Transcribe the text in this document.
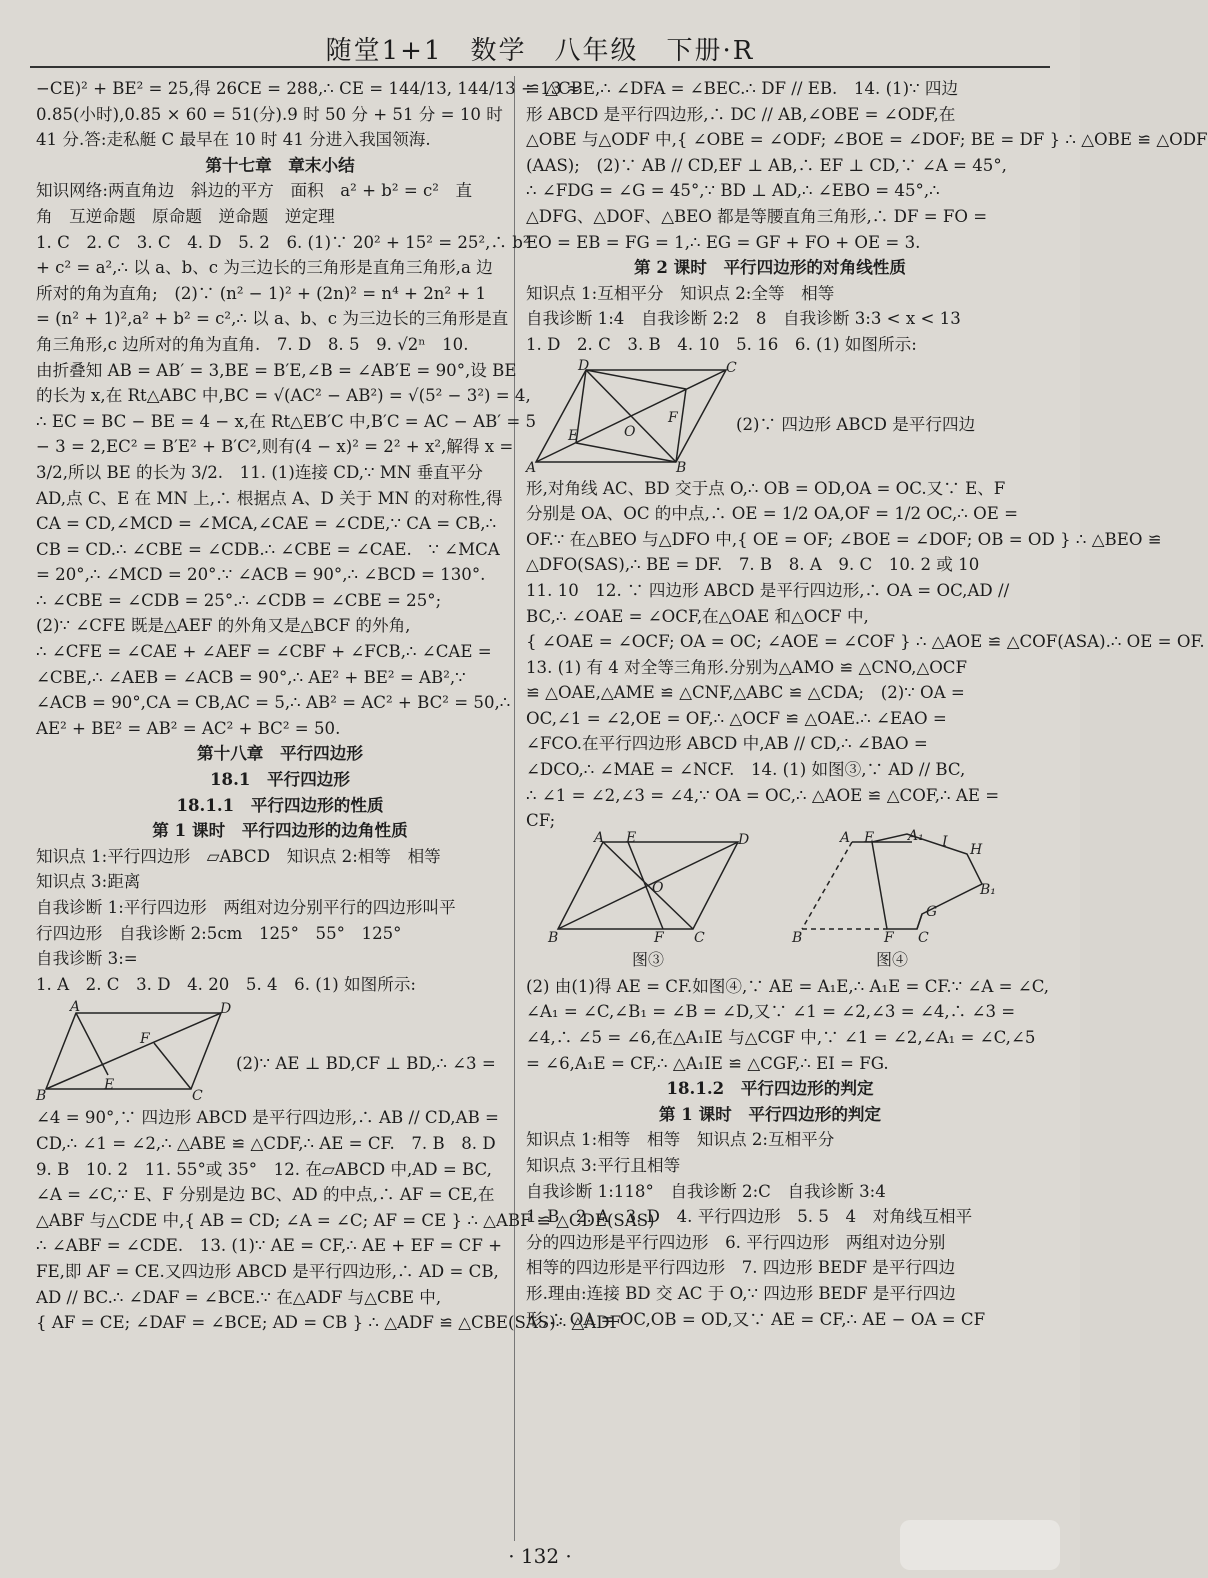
随堂1+1　数学　八年级　下册·R

−CE)² + BE² = 25,得 26CE = 288,∴ CE = 144/13, 144/13 ÷ 13 ≈

0.85(小时),0.85 × 60 = 51(分).9 时 50 分 + 51 分 = 10 时

41 分.答:走私艇 C 最早在 10 时 41 分进入我国领海.

第十七章　章末小结

知识网络:两直角边　斜边的平方　面积　a² + b² = c²　直

角　互逆命题　原命题　逆命题　逆定理

1. C　2. C　3. C　4. D　5. 2　6. (1)∵ 20² + 15² = 25²,∴ b²

+ c² = a²,∴ 以 a、b、c 为三边长的三角形是直角三角形,a 边

所对的角为直角;　(2)∵ (n² − 1)² + (2n)² = n⁴ + 2n² + 1

= (n² + 1)²,a² + b² = c²,∴ 以 a、b、c 为三边长的三角形是直

角三角形,c 边所对的角为直角.　7. D　8. 5　9. √2ⁿ　10.

由折叠知 AB = AB′ = 3,BE = B′E,∠B = ∠AB′E = 90°,设 BE

的长为 x,在 Rt△ABC 中,BC = √(AC² − AB²) = √(5² − 3²) = 4,

∴ EC = BC − BE = 4 − x,在 Rt△EB′C 中,B′C = AC − AB′ = 5

− 3 = 2,EC² = B′E² + B′C²,则有(4 − x)² = 2² + x²,解得 x =

3/2,所以 BE 的长为 3/2.　11. (1)连接 CD,∵ MN 垂直平分

AD,点 C、E 在 MN 上,∴ 根据点 A、D 关于 MN 的对称性,得

CA = CD,∠MCD = ∠MCA,∠CAE = ∠CDE,∵ CA = CB,∴

CB = CD.∴ ∠CBE = ∠CDB.∴ ∠CBE = ∠CAE.　∵ ∠MCA

= 20°,∴ ∠MCD = 20°.∵ ∠ACB = 90°,∴ ∠BCD = 130°.

∴ ∠CBE = ∠CDB = 25°.∴ ∠CDB = ∠CBE = 25°;

(2)∵ ∠CFE 既是△AEF 的外角又是△BCF 的外角,

∴ ∠CFE = ∠CAE + ∠AEF = ∠CBF + ∠FCB,∴ ∠CAE =

∠CBE,∴ ∠AEB = ∠ACB = 90°,∴ AE² + BE² = AB²,∵

∠ACB = 90°,CA = CB,AC = 5,∴ AB² = AC² + BC² = 50,∴

AE² + BE² = AB² = AC² + BC² = 50.

第十八章　平行四边形

18.1　平行四边形

18.1.1　平行四边形的性质

第 1 课时　平行四边形的边角性质

知识点 1:平行四边形　▱ABCD　知识点 2:相等　相等

知识点 3:距离

自我诊断 1:平行四边形　两组对边分别平行的四边形叫平

行四边形　自我诊断 2:5cm　125°　55°　125°

自我诊断 3:=

1. A　2. C　3. D　4. 20　5. 4　6. (1) 如图所示:

A	D
B	C
E
F

(2)∵ AE ⊥ BD,CF ⊥ BD,∴ ∠3 =

∠4 = 90°,∵ 四边形 ABCD 是平行四边形,∴ AB // CD,AB =

CD,∴ ∠1 = ∠2,∴ △ABE ≌ △CDF,∴ AE = CF.　7. B　8. D

9. B　10. 2　11. 55°或 35°　12. 在▱ABCD 中,AD = BC,

∠A = ∠C,∵ E、F 分别是边 BC、AD 的中点,∴ AF = CE,在

△ABF 与△CDE 中,{ AB = CD; ∠A = ∠C; AF = CE } ∴ △ABF ≌ △CDE(SAS)

∴ ∠ABF = ∠CDE.　13. (1)∵ AE = CF,∴ AE + EF = CF +

FE,即 AF = CE.又四边形 ABCD 是平行四边形,∴ AD = CB,

AD // BC.∴ ∠DAF = ∠BCE.∵ 在△ADF 与△CBE 中,

{ AF = CE; ∠DAF = ∠BCE; AD = CB } ∴ △ADF ≌ △CBE(SAS)∴ △ADF

≌ △CBE,∴ ∠DFA = ∠BEC.∴ DF // EB.　14. (1)∵ 四边

形 ABCD 是平行四边形,∴ DC // AB,∠OBE = ∠ODF,在

△OBE 与△ODF 中,{ ∠OBE = ∠ODF; ∠BOE = ∠DOF; BE = DF } ∴ △OBE ≌ △ODF

(AAS);　(2)∵ AB // CD,EF ⊥ AB,∴ EF ⊥ CD,∵ ∠A = 45°,

∴ ∠FDG = ∠G = 45°,∵ BD ⊥ AD,∴ ∠EBO = 45°,∴

△DFG、△DOF、△BEO 都是等腰直角三角形,∴ DF = FO =

EO = EB = FG = 1,∴ EG = GF + FO + OE = 3.

第 2 课时　平行四边形的对角线性质

知识点 1:互相平分　知识点 2:全等　相等

自我诊断 1:4　自我诊断 2:2　8　自我诊断 3:3 < x < 13

1. D　2. C　3. B　4. 10　5. 16　6. (1) 如图所示:

D	C
A	B
E
F
O	(2)∵ 四边形 ABCD 是平行四边

形,对角线 AC、BD 交于点 O,∴ OB = OD,OA = OC.又∵ E、F

分别是 OA、OC 的中点,∴ OE = 1/2 OA,OF = 1/2 OC,∴ OE =

OF.∵ 在△BEO 与△DFO 中,{ OE = OF; ∠BOE = ∠DOF; OB = OD } ∴ △BEO ≌

△DFO(SAS),∴ BE = DF.　7. B　8. A　9. C　10. 2 或 10

11. 10　12. ∵ 四边形 ABCD 是平行四边形,∴ OA = OC,AD //

BC,∴ ∠OAE = ∠OCF,在△OAE 和△OCF 中,

{ ∠OAE = ∠OCF; OA = OC; ∠AOE = ∠COF } ∴ △AOE ≌ △COF(ASA).∴ OE = OF.

13. (1) 有 4 对全等三角形.分别为△AMO ≌ △CNO,△OCF

≌ △OAE,△AME ≌ △CNF,△ABC ≌ △CDA;　(2)∵ OA =

OC,∠1 = ∠2,OE = OF,∴ △OCF ≌ △OAE.∴ ∠EAO =

∠FCO.在平行四边形 ABCD 中,AB // CD,∴ ∠BAO =

∠DCO,∴ ∠MAE = ∠NCF.　14. (1) 如图③,∵ AD // BC,

∴ ∠1 = ∠2,∠3 = ∠4,∵ OA = OC,∴ △AOE ≌ △COF,∴ AE =

CF;

A E	D
B	F C
O
图③
A E A₁ I H
B₁
B	F C
G
图④

(2) 由(1)得 AE = CF.如图④,∵ AE = A₁E,∴ A₁E = CF.∵ ∠A = ∠C,

∠A₁ = ∠C,∠B₁ = ∠B = ∠D,又∵ ∠1 = ∠2,∠3 = ∠4,∴ ∠3 =

∠4,∴ ∠5 = ∠6,在△A₁IE 与△CGF 中,∵ ∠1 = ∠2,∠A₁ = ∠C,∠5

= ∠6,A₁E = CF,∴ △A₁IE ≌ △CGF,∴ EI = FG.

18.1.2　平行四边形的判定

第 1 课时　平行四边形的判定

知识点 1:相等　相等　知识点 2:互相平分

知识点 3:平行且相等

自我诊断 1:118°　自我诊断 2:C　自我诊断 3:4

1. B　2. A　3. D　4. 平行四边形　5. 5　4　对角线互相平

分的四边形是平行四边形　6. 平行四边形　两组对边分别

相等的四边形是平行四边形　7. 四边形 BEDF 是平行四边

形.理由:连接 BD 交 AC 于 O,∵ 四边形 BEDF 是平行四边

形,∴ OA = OC,OB = OD,又∵ AE = CF,∴ AE − OA = CF

· 132 ·
